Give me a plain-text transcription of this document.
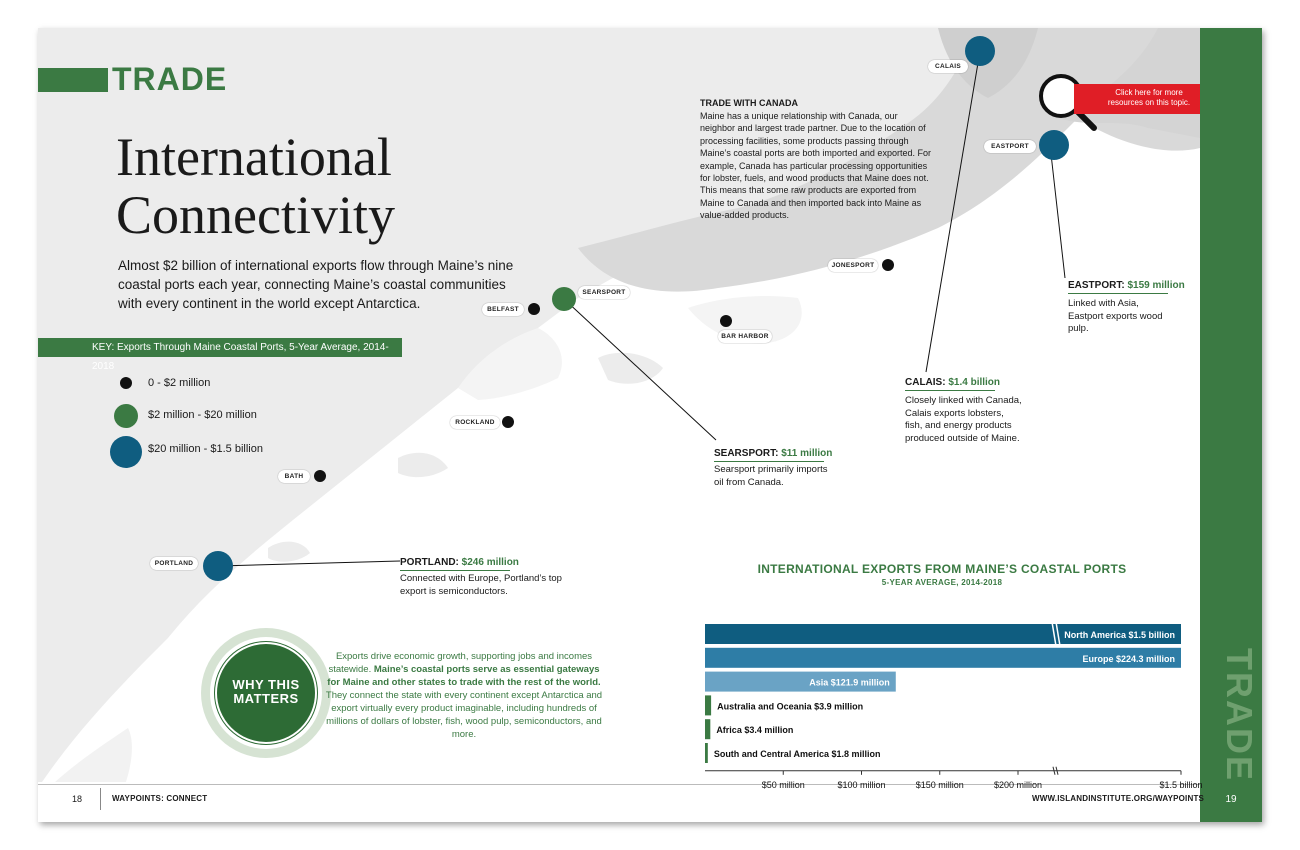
TRADE
TRADE
International
Connectivity
Almost $2 billion of international exports flow through Maine’s nine coastal ports each year, connecting Maine’s coastal communities with every continent in the world except Antarctica.
KEY: Exports Through Maine Coastal Ports, 5-Year Average, 2014-2018
0 - $2 million
$2 million - $20 million
$20 million - $1.5 billion
CALAIS
EASTPORT
JONESPORT
BAR HARBOR
SEARSPORT
BELFAST
ROCKLAND
BATH
PORTLAND
TRADE WITH CANADA
Maine has a unique relationship with Canada, our neighbor and largest trade partner. Due to the location of processing facilities, some products passing through Maine’s coastal ports are both imported and exported. For example, Canada has particular processing opportunities for lobster, fuels, and wood products that Maine does not. This means that some raw products are exported from Maine to Canada and then imported back into Maine as value-added products.
Click here for more resources on this topic.
EASTPORT: $159 million
Linked with Asia, Eastport exports wood pulp.
CALAIS: $1.4 billion
Closely linked with Canada, Calais exports lobsters, fish, and energy products produced outside of Maine.
SEARSPORT: $11 million
Searsport primarily imports oil from Canada.
PORTLAND: $246 million
Connected with Europe, Portland’s top export is semiconductors.
WHY THIS
MATTERS
Exports drive economic growth, supporting jobs and incomes statewide. Maine’s coastal ports serve as essential gateways for Maine and other states to trade with the rest of the world. They connect the state with every continent except Antarctica and export virtually every product imaginable, including hundreds of millions of dollars of lobster, fish, wood pulp, semiconductors, and more.
INTERNATIONAL EXPORTS FROM MAINE’S COASTAL PORTS
5-YEAR AVERAGE, 2014-2018
North America $1.5 billion
Europe $224.3 million
Asia $121.9 million
Australia and Oceania $3.9 million
Africa $3.4 million
South and Central America $1.8 million
$50 million	$100 million	$150 million	$200 million	$1.5 billion
18	WAYPOINTS: CONNECT	WWW.ISLANDINSTITUTE.ORG/WAYPOINTS	19
